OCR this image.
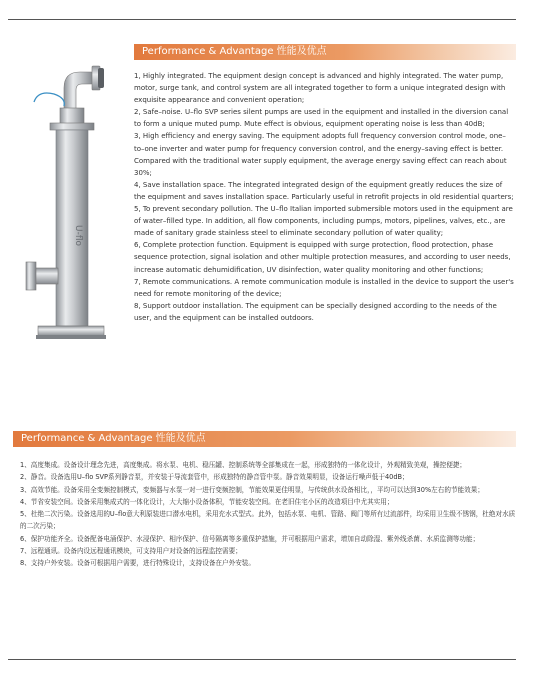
U-flo
Performance & Advantage 性能及优点

1, Highly integrated. The equipment design concept is advanced and highly integrated. The water pump, motor, surge tank, and control system are all integrated together to form a unique integrated design with exquisite appearance and convenient operation;

2, Safe–noise. U–flo SVP series silent pumps are used in the equipment and installed in the diversion canal to form a unique muted pump. Mute effect is obvious, equipment operating noise is less than 40dB;

3, High efficiency and energy saving. The equipment adopts full frequency conversion control mode, one–to–one inverter and water pump for frequency conversion control, and the energy–saving effect is better. Compared with the traditional water supply equipment, the average energy saving effect can reach about 30%;

4, Save installation space. The integrated integrated design of the equipment greatly reduces the size of the equipment and saves installation space. Particularly useful in retrofit projects in old residential quarters;

5, To prevent secondary pollution. The U–flo Italian imported submersible motors used in the equipment are of water–filled type. In addition, all flow components, including pumps, motors, pipelines, valves, etc., are made of sanitary grade stainless steel to eliminate secondary pollution of water quality;

6, Complete protection function. Equipment is equipped with surge protection, flood protection, phase sequence protection, signal isolation and other multiple protection measures, and according to user needs, increase automatic dehumidification, UV disinfection, water quality monitoring and other functions;

7, Remote communications. A remote communication module is installed in the device to support the user's need for remote monitoring of the device;

8, Support outdoor installation. The equipment can be specially designed according to the needs of the user, and the equipment can be installed outdoors.

Performance & Advantage 性能及优点

1、高度集成。设备设计理念先进，高度集成。将水泵、电机、稳压罐、控制系统等全部集成在一起，形成独特的一体化设计，外观精致美观，操控便捷；

2、静音。设备选用U–flo SVP系列静音泵，并安装于导流套管中，形成独特的静音管中泵。静音效果明显，设备运行噪声低于40dB；

3、高效节能。设备采用全变频控制模式，变频器与水泵一对一进行变频控制，节能效果更佳明显，与传统供水设备相比，，平均可以达到30%左右的节能效果；

4、节省安装空间。设备采用集成式的一体化设计，大大缩小设备体积，节能安装空间。在老旧住宅小区的改造项目中尤其实用；

5、杜绝二次污染。设备选用的U–flo意大利原装进口潜水电机，采用充水式型式。此外，包括水泵、电机、管路、阀门等所有过流部件，均采用卫生级不锈钢，杜绝对水质的二次污染；

6、保护功能齐全。设备配备电涌保护、水浸保护、相序保护、信号隔离等多重保护措施，并可根据用户需求，增加自动除湿、紫外线杀菌、水质监测等功能；

7、远程通讯。设备内设远程通讯模块，可支持用户对设备的远程监控需要；

8、支持户外安装。设备可根据用户需要，进行特殊设计，支持设备在户外安装。
